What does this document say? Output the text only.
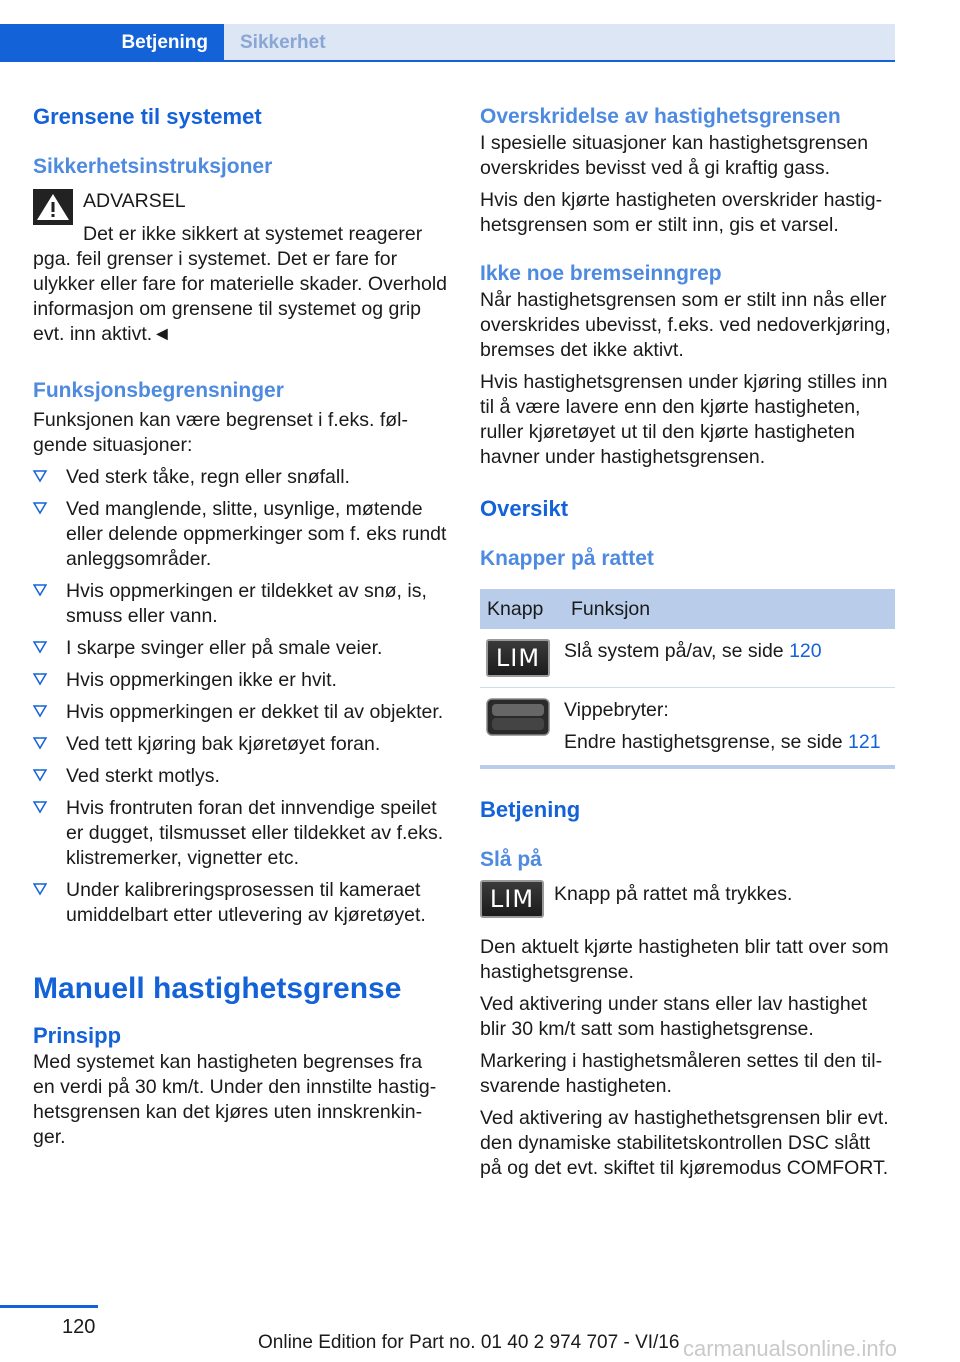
Betjening	Sikkerhet
Grensene til systemet
Sikkerhetsinstruksjoner

ADVARSEL

Det er ikke sikkert at systemet reagerer

pga. feil grenser i systemet. Det er fare for ulykker eller fare for materielle skader. Overhold informasjon om grensene til systemet og grip evt. inn aktivt.◄

Funksjonsbegrensninger

Funksjonen kan være begrenset i f.eks. følgende situasjoner:

Ved sterk tåke, regn eller snøfall.
Ved manglende, slitte, usynlige, møtende eller delende oppmerkinger som f. eks rundt anleggsområder.
Hvis oppmerkingen er tildekket av snø, is, smuss eller vann.
I skarpe svinger eller på smale veier.
Hvis oppmerkingen ikke er hvit.
Hvis oppmerkingen er dekket til av objekter.
Ved tett kjøring bak kjøretøyet foran.
Ved sterkt motlys.
Hvis frontruten foran det innvendige speilet er dugget, tilsmusset eller tildekket av f.eks. klistremerker, vignetter etc.
Under kalibreringsprosessen til kameraet umiddelbart etter utlevering av kjøretøyet.
Manuell hastighetsgrense
Prinsipp

Med systemet kan hastigheten begrenses fra en verdi på 30 km/t. Under den innstilte hastighetsgrensen kan det kjøres uten innskrenkinger.

Overskridelse av hastighetsgrensen

I spesielle situasjoner kan hastighetsgrensen overskrides bevisst ved å gi kraftig gass.

Hvis den kjørte hastigheten overskrider hastighetsgrensen som er stilt inn, gis et varsel.

Ikke noe bremseinngrep

Når hastighetsgrensen som er stilt inn nås eller overskrides ubevisst, f.eks. ved nedoverkjøring, bremses det ikke aktivt.

Hvis hastighetsgrensen under kjøring stilles inn til å være lavere enn den kjørte hastigheten, ruller kjøretøyet ut til den kjørte hastigheten havner under hastighetsgrensen.

Oversikt
Knapper på rattet
Knapp	Funksjon

LIM	Slå system på/av, se side 120

Vippebryter:

Endre hastighetsgrense, se side 121

Betjening
Slå på
LIM	Knapp på rattet må trykkes.

Den aktuelt kjørte hastigheten blir tatt over som hastighetsgrense.

Ved aktivering under stans eller lav hastighet blir 30 km/t satt som hastighetsgrense.

Markering i hastighetsmåleren settes til den tilsvarende hastigheten.

Ved aktivering av hastighethetsgrensen blir evt. den dynamiske stabilitetskontrollen DSC slått på og det evt. skiftet til kjøremodus COMFORT.

120
Online Edition for Part no. 01 40 2 974 707 - VI/16 carmanualsonline.info
